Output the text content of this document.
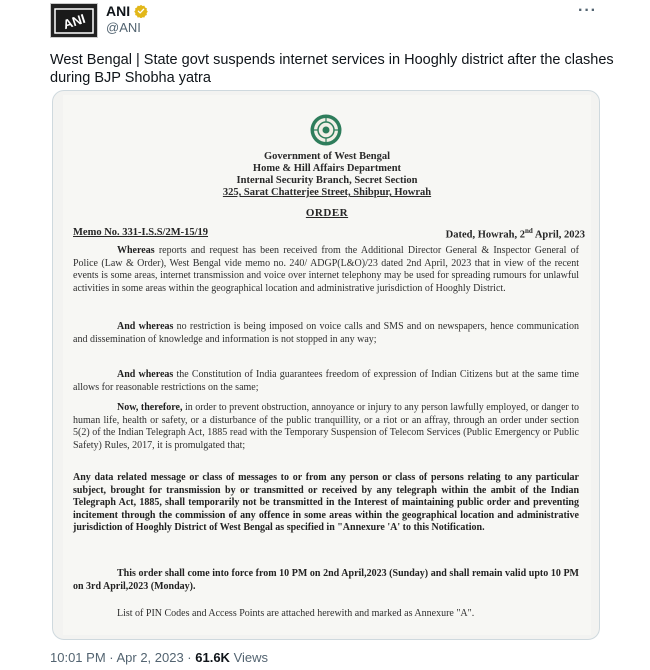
ANI ANI
@ANI
···
West Bengal | State govt suspends internet services in Hooghly district after the clashes during BJP Shobha yatra
Government of West Bengal
Home & Hill Affairs Department
Internal Security Branch, Secret Section
325, Sarat Chatterjee Street, Shibpur, Howrah
ORDER
Memo No. 331-I.S.S/2M-15/19	Dated, Howrah, 2nd April, 2023
Whereas reports and request has been received from the Additional Director General & Inspector General of Police (Law & Order), West Bengal vide memo no. 240/ ADGP(L&O)/23 dated 2nd April, 2023 that in view of the recent events is some areas, internet transmission and voice over internet telephony may be used for spreading rumours for unlawful activities in some areas within the geographical location and administrative jurisdiction of Hooghly District.
And whereas no restriction is being imposed on voice calls and SMS and on newspapers, hence communication and dissemination of knowledge and information is not stopped in any way;
And whereas the Constitution of India guarantees freedom of expression of Indian Citizens but at the same time allows for reasonable restrictions on the same;
Now, therefore, in order to prevent obstruction, annoyance or injury to any person lawfully employed, or danger to human life, health or safety, or a disturbance of the public tranquillity, or a riot or an affray, through an order under section 5(2) of the Indian Telegraph Act, 1885 read with the Temporary Suspension of Telecom Services (Public Emergency or Public Safety) Rules, 2017, it is promulgated that;
Any data related message or class of messages to or from any person or class of persons relating to any particular subject, brought for transmission by or transmitted or received by any telegraph within the ambit of the Indian Telegraph Act, 1885, shall temporarily not be transmitted in the Interest of maintaining public order and preventing incitement through the commission of any offence in some areas within the geographical location and administrative jurisdiction of Hooghly District of West Bengal as specified in "Annexure 'A' to this Notification.
This order shall come into force from 10 PM on 2nd April,2023 (Sunday) and shall remain valid upto 10 PM on 3rd April,2023 (Monday).
List of PIN Codes and Access Points are attached herewith and marked as Annexure "A".
10:01 PM · Apr 2, 2023 · 61.6K Views
